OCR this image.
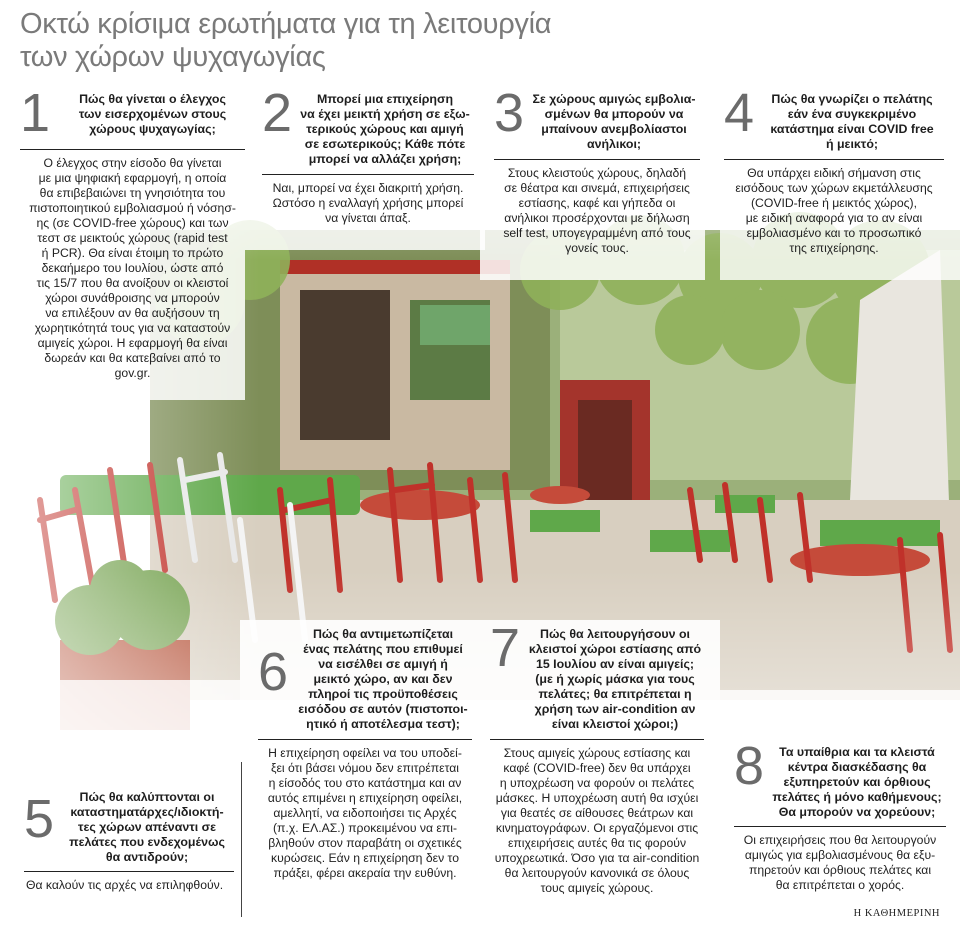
Οκτώ κρίσιμα ερωτήματα για τη λειτουργία
των χώρων ψυχαγωγίας
1	Πώς θα γίνεται ο έλεγχος
των εισερχομένων στους
χώρους ψυχαγωγίας;
Ο έλεγχος στην είσοδο θα γίνεται
με μια ψηφιακή εφαρμογή, η οποία
θα επιβεβαιώνει τη γνησιότητα του
πιστοποιητικού εμβολιασμού ή νόσησ-
ης (σε COVID-free χώρους) και των
τεστ σε μεικτούς χώρους (rapid test
ή PCR). Θα είναι έτοιμη το πρώτο
δεκαήμερο του Ιουλίου, ώστε από
τις 15/7 που θα ανοίξουν οι κλειστοί
χώροι συνάθροισης να μπορούν
να επιλέξουν αν θα αυξήσουν τη
χωρητικότητά τους για να καταστούν
αμιγείς χώροι. Η εφαρμογή θα είναι
δωρεάν και θα κατεβαίνει από το
gov.gr.
2	Μπορεί μια επιχείρηση
να έχει μεικτή χρήση σε εξω-
τερικούς χώρους και αμιγή
σε εσωτερικούς; Κάθε πότε
μπορεί να αλλάζει χρήση;
Ναι, μπορεί να έχει διακριτή χρήση.
Ωστόσο η εναλλαγή χρήσης μπορεί
να γίνεται άπαξ.
3 Σε χώρους αμιγώς εμβολια-
σμένων θα μπορούν να
μπαίνουν ανεμβολίαστοι
ανήλικοι;
Στους κλειστούς χώρους, δηλαδή
σε θέατρα και σινεμά, επιχειρήσεις
εστίασης, καφέ και γήπεδα οι
ανήλικοι προσέρχονται με δήλωση
self test, υπογεγραμμένη από τους
γονείς τους.
4	Πώς θα γνωρίζει ο πελάτης
εάν ένα συγκεκριμένο
κατάστημα είναι COVID free
ή μεικτό;
Θα υπάρχει ειδική σήμανση στις
εισόδους των χώρων εκμετάλλευσης
(COVID-free ή μεικτός χώρος),
με ειδική αναφορά για το αν είναι
εμβολιασμένο και το προσωπικό
της επιχείρησης.
5	Πώς θα καλύπτονται οι
καταστηματάρχες/ιδιοκτή-
τες χώρων απέναντι σε
πελάτες που ενδεχομένως
θα αντιδρούν;
Θα καλούν τις αρχές να επιληφθούν.
6
Πώς θα αντιμετωπίζεται
ένας πελάτης που επιθυμεί
να εισέλθει σε αμιγή ή
μεικτό χώρο, αν και δεν
πληροί τις προϋποθέσεις
εισόδου σε αυτόν (πιστοποι-
ητικό ή αποτέλεσμα τεστ);
Η επιχείρηση οφείλει να του υποδεί-
ξει ότι βάσει νόμου δεν επιτρέπεται
η είσοδός του στο κατάστημα και αν
αυτός επιμένει η επιχείρηση οφείλει,
αμελλητί, να ειδοποιήσει τις Αρχές
(π.χ. ΕΛ.ΑΣ.) προκειμένου να επι-
βληθούν στον παραβάτη οι σχετικές
κυρώσεις. Εάν η επιχείρηση δεν το
πράξει, φέρει ακεραία την ευθύνη.
7	Πώς θα λειτουργήσουν οι
κλειστοί χώροι εστίασης από
15 Ιουλίου αν είναι αμιγείς;
(με ή χωρίς μάσκα για τους
πελάτες; θα επιτρέπεται η
χρήση των air-condition αν
είναι κλειστοί χώροι;)
Στους αμιγείς χώρους εστίασης και
καφέ (COVID-free) δεν θα υπάρχει
η υποχρέωση να φορούν οι πελάτες
μάσκες. Η υποχρέωση αυτή θα ισχύει
για θεατές σε αίθουσες θεάτρων και
κινηματογράφων. Οι εργαζόμενοι στις
επιχειρήσεις αυτές θα τις φορούν
υποχρεωτικά. Όσο για τα air-condition
θα λειτουργούν κανονικά σε όλους
τους αμιγείς χώρους.
8	Τα υπαίθρια και τα κλειστά
κέντρα διασκέδασης θα
εξυπηρετούν και όρθιους
πελάτες ή μόνο καθήμενους;
Θα μπορούν να χορεύουν;
Οι επιχειρήσεις που θα λειτουργούν
αμιγώς για εμβολιασμένους θα εξυ-
πηρετούν και όρθιους πελάτες και
θα επιτρέπεται ο χορός.
Η ΚΑΘΗΜΕΡΙΝΗ
